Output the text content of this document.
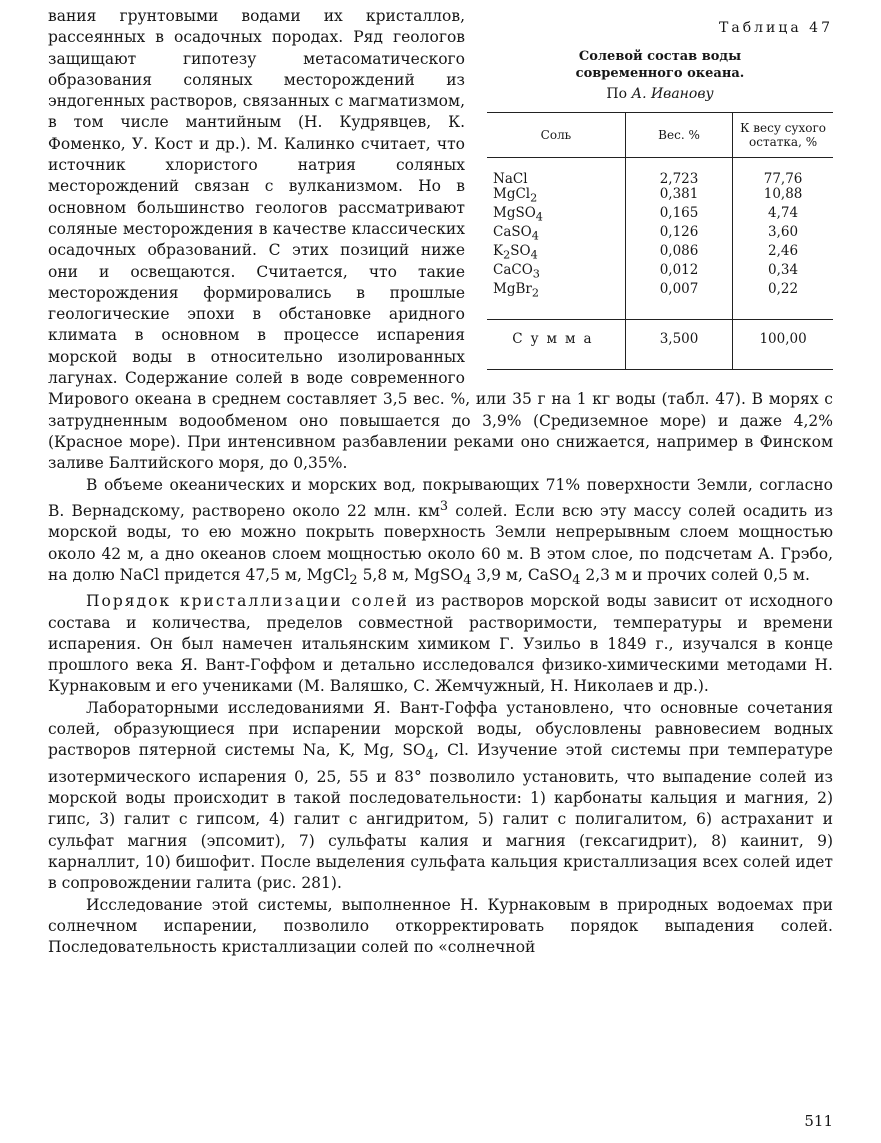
Таблица 47
Солевой состав воды
современного океана.
По А. Иванову
Соль	Вес. %	К весу сухого остатка, %
NaCl	2,723	77,76
MgCl$_2$	0,381	10,88
MgSO$_4$	0,165	4,74
CaSO$_4$	0,126	3,60
$K_2SO_4$	0,086	2,46
CaCO$_3$	0,012	0,34
MgBr$_2$	0,007	0,22
Сумма	3,500	100,00

вания грунтовыми водами их кристаллов, рассеянных в осадочных породах. Ряд геологов защищают гипотезу метасоматического образования соляных месторождений из эндогенных растворов, связанных с магматизмом, в том числе мантийным (Н. Кудрявцев, К. Фоменко, У. Кост и др.). М. Калинко считает, что источник хлористого натрия соляных месторождений связан с вулканизмом. Но в основном большинство геологов рассматривают соляные месторождения в качестве классических осадочных образований. С этих позиций ниже они и освещаются. Считается, что такие месторождения формировались в прошлые геологические эпохи в обстановке аридного климата в основном в процессе испарения морской воды в относительно изолированных лагунах. Содержание солей в воде современного Мирового океана в среднем составляет 3,5 вес. %, или 35 г на 1 кг воды (табл. 47). В морях с затрудненным водообменом оно повышается до 3,9% (Средиземное море) и даже 4,2% (Красное море). При интенсивном разбавлении реками оно снижается, например в Финском заливе Балтийского моря, до 0,35%.

В объеме океанических и морских вод, покрывающих 71% поверхности Земли, согласно В. Вернадскому, растворено около 22 млн. $км^3$ солей. Если всю эту массу солей осадить из морской воды, то ею можно покрыть поверхность Земли непрерывным слоем мощностью около 42 м, а дно океанов слоем мощностью около 60 м. В этом слое, по подсчетам А. Грэбо, на долю NaCl придется 47,5 м, MgCl$_2$ 5,8 м, MgSO$_4$ 3,9 м, CaSO$_4$ 2,3 м и прочих солей 0,5 м.

Порядок кристаллизации солей из растворов морской воды зависит от исходного состава и количества, пределов совместной растворимости, температуры и времени испарения. Он был намечен итальянским химиком Г. Узильо в 1849 г., изучался в конце прошлого века Я. Вант-Гоффом и детально исследовался физико-химическими методами Н. Курнаковым и его учениками (М. Валяшко, С. Жемчужный, Н. Николаев и др.).

Лабораторными исследованиями Я. Вант-Гоффа установлено, что основные сочетания солей, образующиеся при испарении морской воды, обусловлены равновесием водных растворов пятерной системы Na, K, Mg, $SO_4$, Cl. Изучение этой системы при температуре изотермического испарения 0, 25, 55 и 83° позволило установить, что выпадение солей из морской воды происходит в такой последовательности: 1) карбонаты кальция и магния, 2) гипс, 3) галит с гипсом, 4) галит с ангидритом, 5) галит с полигалитом, 6) астраханит и сульфат магния (эпсомит), 7) сульфаты калия и магния (гексагидрит), 8) каинит, 9) карналлит, 10) бишофит. После выделения сульфата кальция кристаллизация всех солей идет в сопровождении галита (рис. 281).

Исследование этой системы, выполненное Н. Курнаковым в природных водоемах при солнечном испарении, позволило откорректировать порядок выпадения солей. Последовательность кристаллизации солей по «солнечной

511
